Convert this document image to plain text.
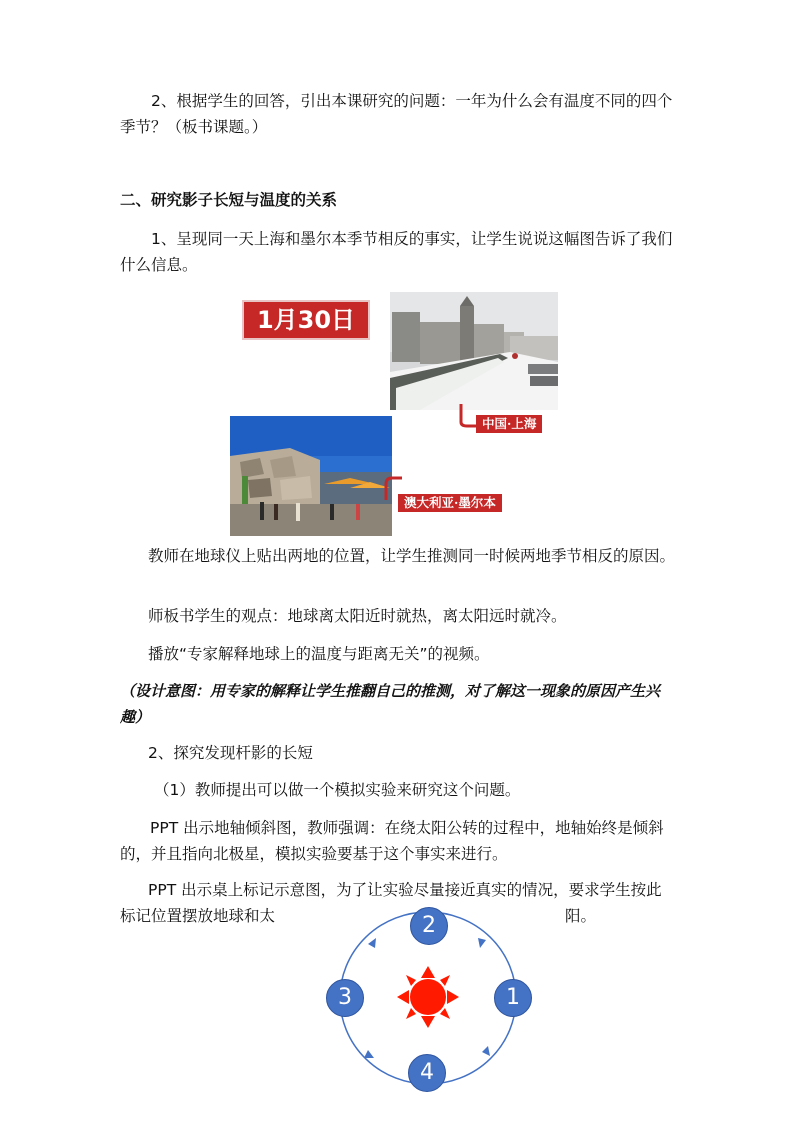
2、根据学生的回答，引出本课研究的问题：一年为什么会有温度不同的四个季节？（板书课题。）

二、研究影子长短与温度的关系

1、呈现同一天上海和墨尔本季节相反的事实，让学生说说这幅图告诉了我们什么信息。

1月30日
中国·上海
澳大利亚·墨尔本

教师在地球仪上贴出两地的位置，让学生推测同一时候两地季节相反的原因。

师板书学生的观点：地球离太阳近时就热，离太阳远时就冷。

播放“专家解释地球上的温度与距离无关”的视频。

（设计意图：用专家的解释让学生推翻自己的推测，对了解这一现象的原因产生兴趣）

2、探究发现杆影的长短

（1）教师提出可以做一个模拟实验来研究这个问题。

PPT 出示地轴倾斜图，教师强调：在绕太阳公转的过程中，地轴始终是倾斜的，并且指向北极星，模拟实验要基于这个事实来进行。

PPT 出示桌上标记示意图，为了让实验尽量接近真实的情况，要求学生按此

标记位置摆放地球和太	阳。
2
3	1
4
